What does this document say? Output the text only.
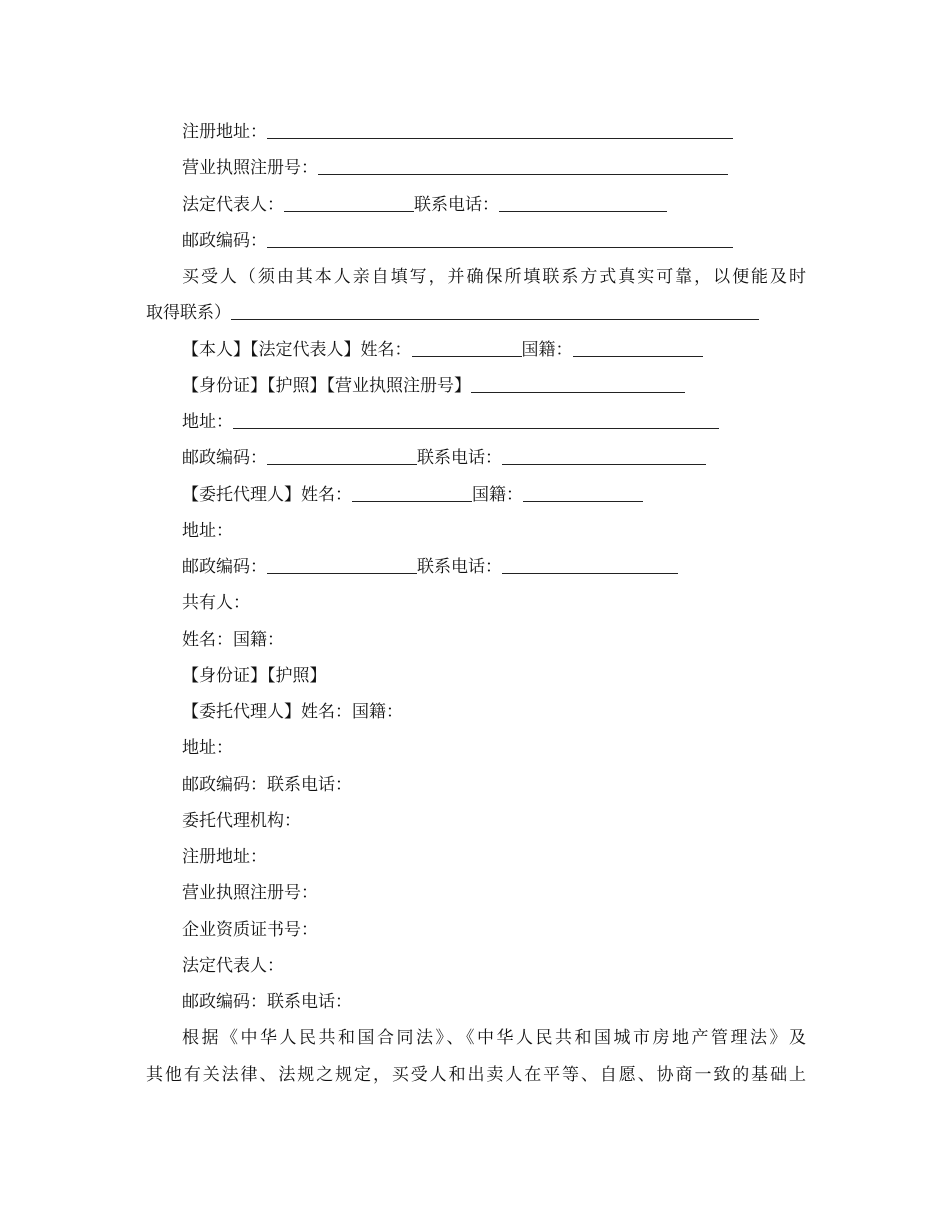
注册地址：
营业执照注册号：
法定代表人：	联系电话：
邮政编码：
买受人（须由其本人亲自填写，并确保所填联系方式真实可靠，以便能及时
取得联系）
【本人】【法定代表人】姓名：	国籍：
【身份证】【护照】【营业执照注册号】
地址：
邮政编码：	联系电话：
【委托代理人】姓名：	国籍：
地址：
邮政编码：	联系电话：
共有人：
姓名：国籍：
【身份证】【护照】
【委托代理人】姓名：国籍：
地址：
邮政编码：联系电话：
委托代理机构：
注册地址：
营业执照注册号：
企业资质证书号：
法定代表人：
邮政编码：联系电话：
根据《中华人民共和国合同法》、《中华人民共和国城市房地产管理法》及
其他有关法律、法规之规定，买受人和出卖人在平等、自愿、协商一致的基础上
